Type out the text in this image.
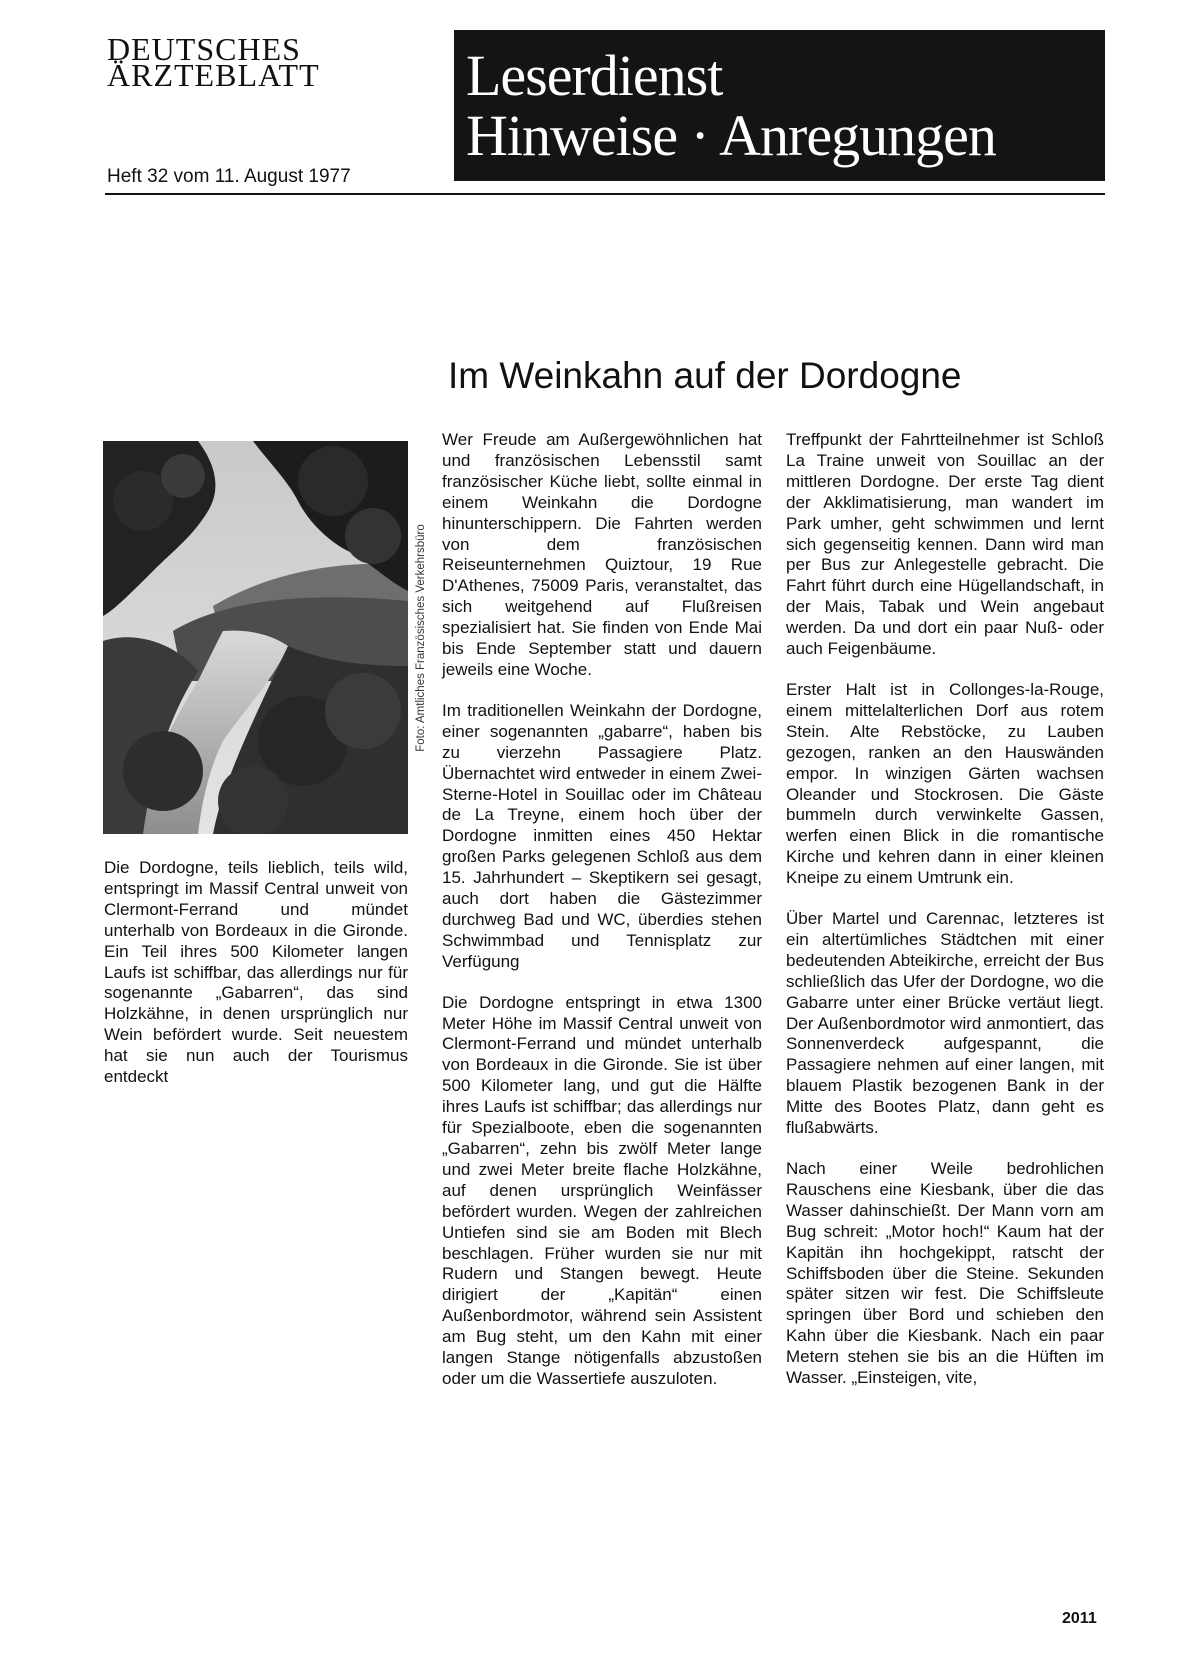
DEUTSCHES
ÄRZTEBLATT
Heft 32 vom 11. August 1977
Leserdienst
Hinweise · Anregungen
Im Weinkahn auf der Dordogne
Foto: Amtliches Französisches Verkehrsbüro

Die Dordogne, teils lieblich, teils wild, entspringt im Massif Central unweit von Clermont-Ferrand und mündet unterhalb von Bordeaux in die Gironde. Ein Teil ihres 500 Kilometer langen Laufs ist schiffbar, das allerdings nur für sogenannte „Gabarren“, das sind Holzkähne, in denen ursprünglich nur Wein befördert wurde. Seit neuestem hat sie nun auch der Tourismus entdeckt

Wer Freude am Außergewöhnlichen hat und französischen Lebensstil samt französischer Küche liebt, sollte einmal in einem Weinkahn die Dordogne hinunterschippern. Die Fahrten werden von dem französischen Reiseunternehmen Quiztour, 19 Rue D'Athenes, 75009 Paris, veranstaltet, das sich weitgehend auf Flußreisen spezialisiert hat. Sie finden von Ende Mai bis Ende September statt und dauern jeweils eine Woche.

Im traditionellen Weinkahn der Dordogne, einer sogenannten „gabarre“, haben bis zu vierzehn Passagiere Platz. Übernachtet wird entweder in einem Zwei-Sterne-Hotel in Souillac oder im Château de La Treyne, einem hoch über der Dordogne inmitten eines 450 Hektar großen Parks gelegenen Schloß aus dem 15. Jahrhundert – Skeptikern sei gesagt, auch dort haben die Gästezimmer durchweg Bad und WC, überdies stehen Schwimmbad und Tennisplatz zur Verfügung

Die Dordogne entspringt in etwa 1300 Meter Höhe im Massif Central unweit von Clermont-Ferrand und mündet unterhalb von Bordeaux in die Gironde. Sie ist über 500 Kilometer lang, und gut die Hälfte ihres Laufs ist schiffbar; das allerdings nur für Spezialboote, eben die sogenannten „Gabarren“, zehn bis zwölf Meter lange und zwei Meter breite flache Holzkähne, auf denen ursprünglich Weinfässer befördert wurden. Wegen der zahlreichen Untiefen sind sie am Boden mit Blech beschlagen. Früher wurden sie nur mit Rudern und Stangen bewegt. Heute dirigiert der „Kapitän“ einen Außenbordmotor, während sein Assistent am Bug steht, um den Kahn mit einer langen Stange nötigenfalls abzustoßen oder um die Wassertiefe auszuloten.

Treffpunkt der Fahrtteilnehmer ist Schloß La Traine unweit von Souillac an der mittleren Dordogne. Der erste Tag dient der Akklimatisierung, man wandert im Park umher, geht schwimmen und lernt sich gegenseitig kennen. Dann wird man per Bus zur Anlegestelle gebracht. Die Fahrt führt durch eine Hügellandschaft, in der Mais, Tabak und Wein angebaut werden. Da und dort ein paar Nuß- oder auch Feigenbäume.

Erster Halt ist in Collonges-la-Rouge, einem mittelalterlichen Dorf aus rotem Stein. Alte Rebstöcke, zu Lauben gezogen, ranken an den Hauswänden empor. In winzigen Gärten wachsen Oleander und Stockrosen. Die Gäste bummeln durch verwinkelte Gassen, werfen einen Blick in die romantische Kirche und kehren dann in einer kleinen Kneipe zu einem Umtrunk ein.

Über Martel und Carennac, letzteres ist ein altertümliches Städtchen mit einer bedeutenden Abteikirche, erreicht der Bus schließlich das Ufer der Dordogne, wo die Gabarre unter einer Brücke vertäut liegt. Der Außenbordmotor wird anmontiert, das Sonnenverdeck aufgespannt, die Passagiere nehmen auf einer langen, mit blauem Plastik bezogenen Bank in der Mitte des Bootes Platz, dann geht es flußabwärts.

Nach einer Weile bedrohlichen Rauschens eine Kiesbank, über die das Wasser dahinschießt. Der Mann vorn am Bug schreit: „Motor hoch!“ Kaum hat der Kapitän ihn hochgekippt, ratscht der Schiffsboden über die Steine. Sekunden später sitzen wir fest. Die Schiffsleute springen über Bord und schieben den Kahn über die Kiesbank. Nach ein paar Metern stehen sie bis an die Hüften im Wasser. „Einsteigen, vite,

2011
